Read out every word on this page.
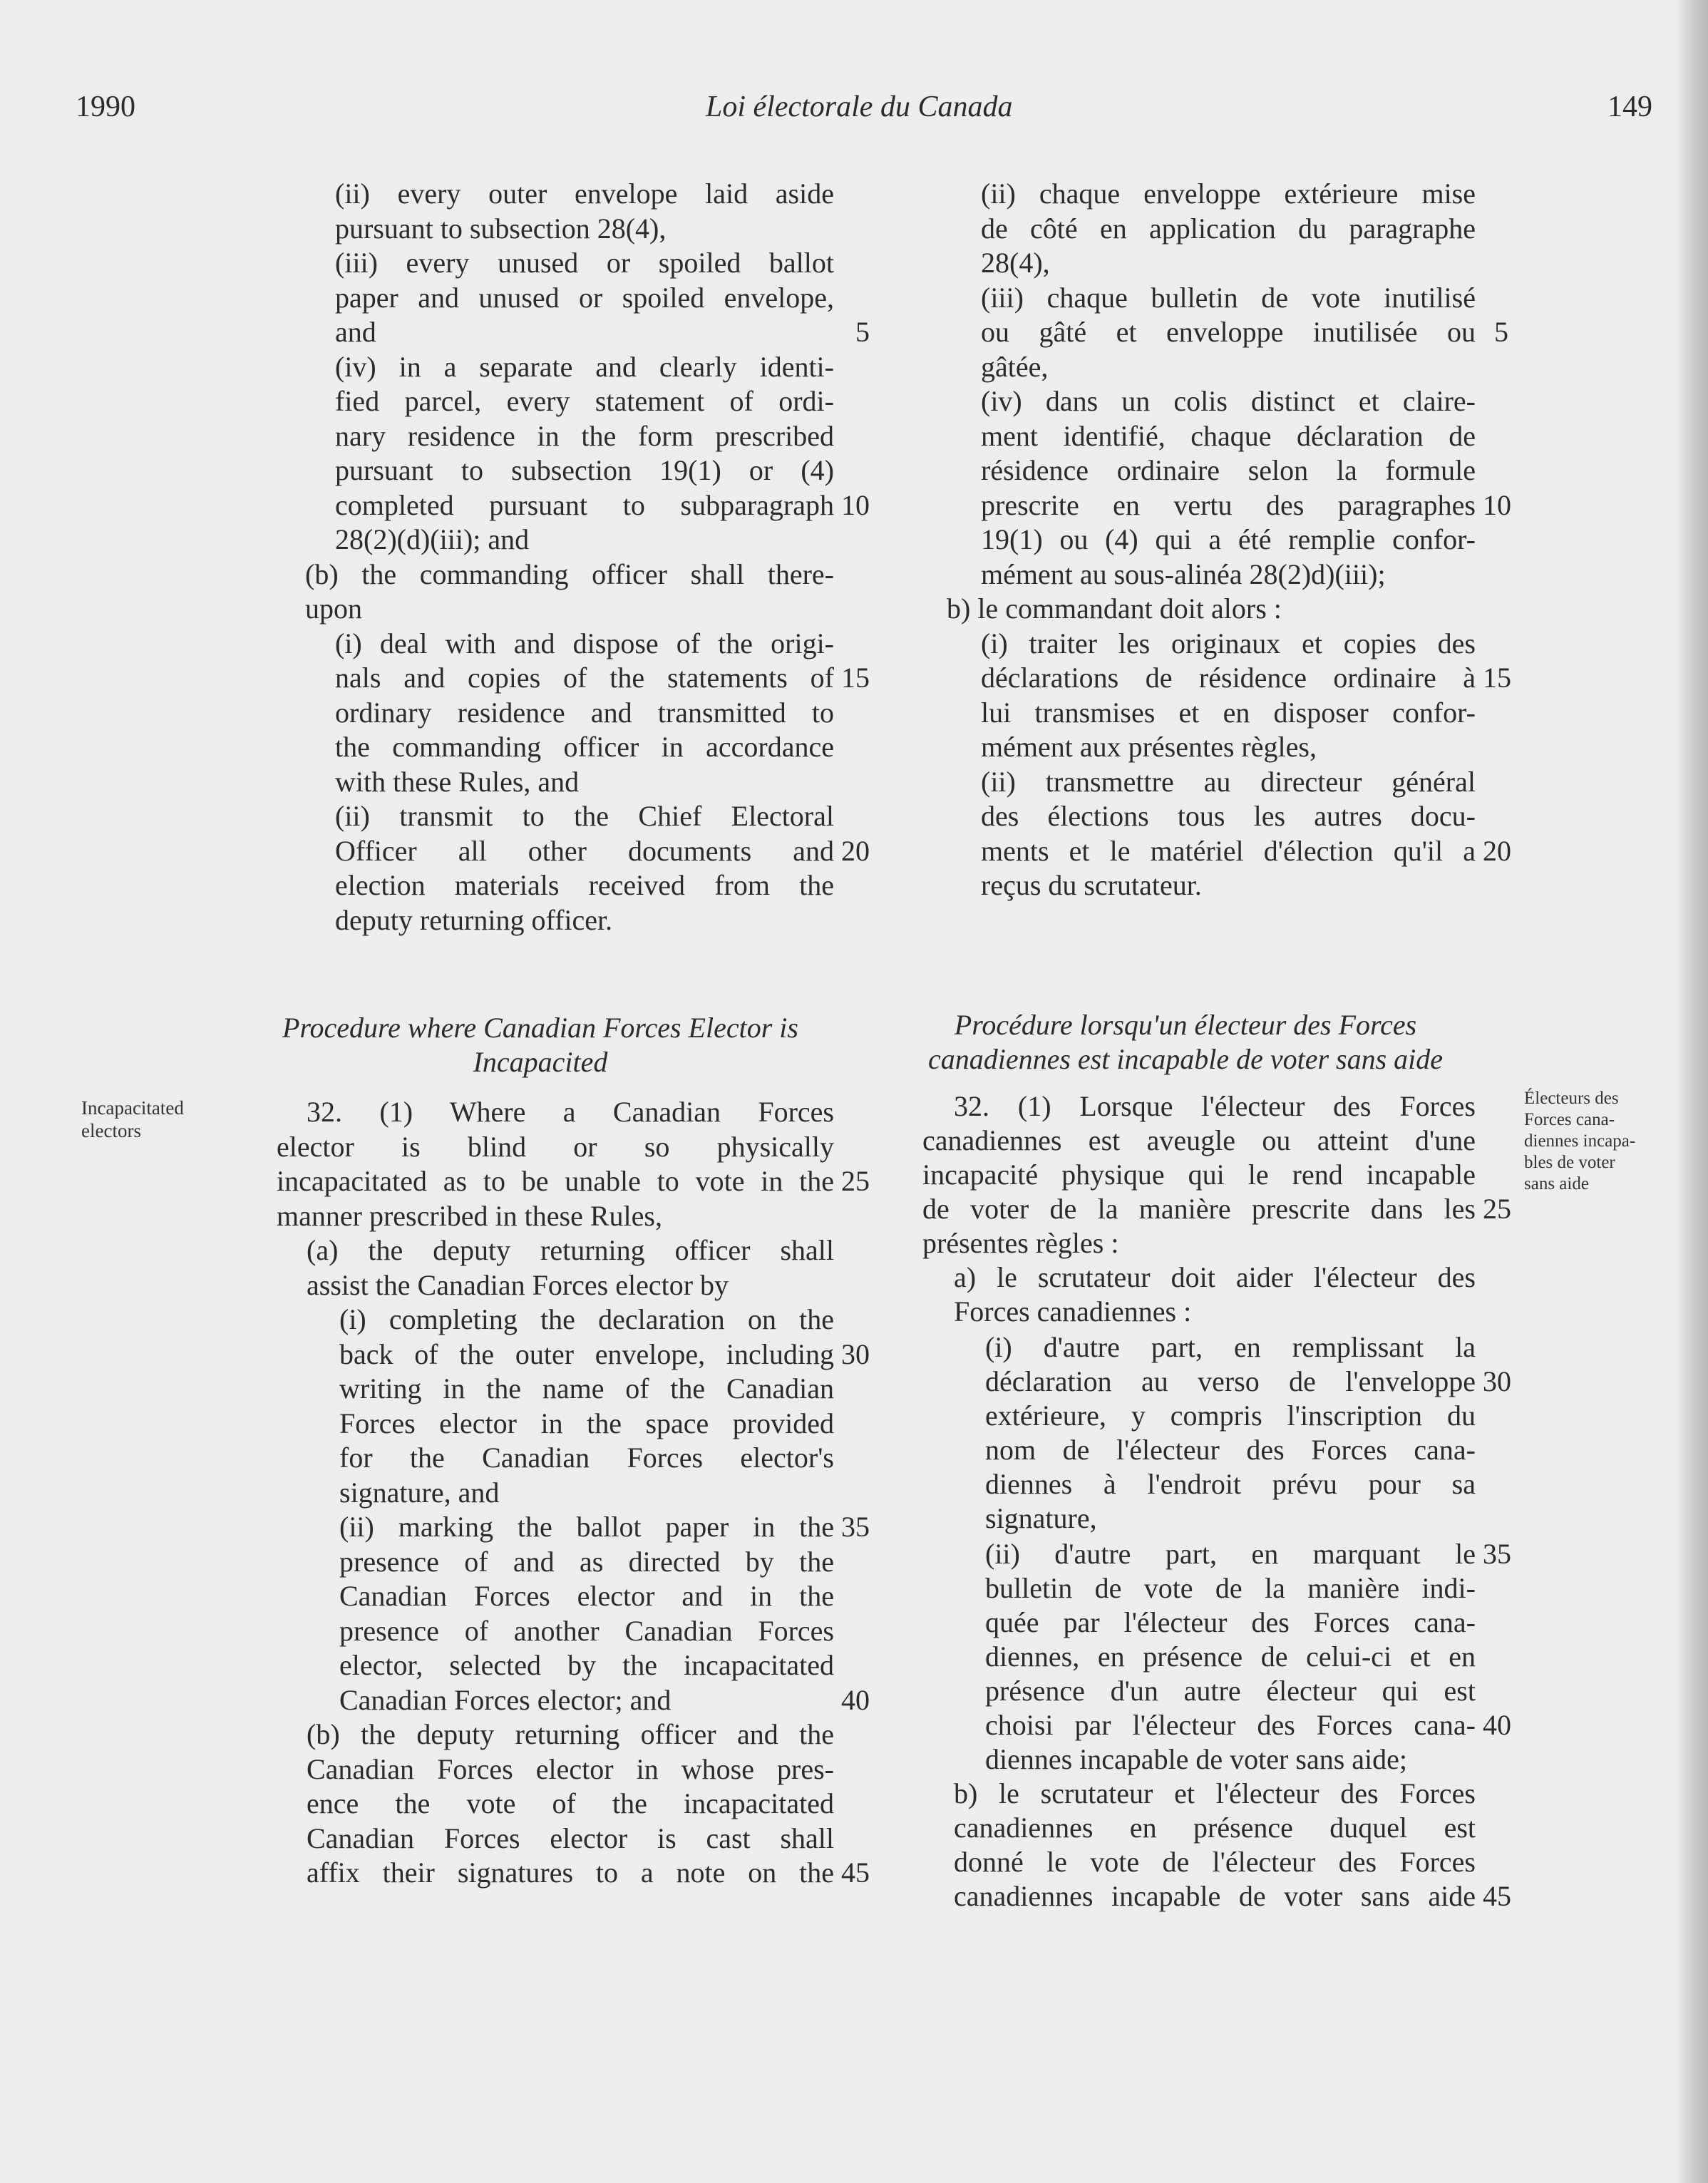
1990	Loi électorale du Canada	149
Incapacitated
electors
Électeurs des
Forces cana-
diennes incapa-
bles de voter
sans aide
(ii) every outer envelope laid aside
pursuant to subsection 28(4),
(iii) every unused or spoiled ballot
paper and unused or spoiled envelope,
and
(iv) in a separate and clearly identi-
fied parcel, every statement of ordi-
nary residence in the form prescribed
pursuant to subsection 19(1) or (4)
completed pursuant to subparagraph
28(2)(d)(iii); and
(b) the commanding officer shall there-
upon
(i) deal with and dispose of the origi-
nals and copies of the statements of
ordinary residence and transmitted to
the commanding officer in accordance
with these Rules, and
(ii) transmit to the Chief Electoral
Officer all other documents and
election materials received from the
deputy returning officer.
Procedure where Canadian Forces Elector is
Incapacited
32. (1) Where a Canadian Forces
elector is blind or so physically
incapacitated as to be unable to vote in the
manner prescribed in these Rules,
(a) the deputy returning officer shall
assist the Canadian Forces elector by
(i) completing the declaration on the
back of the outer envelope, including
writing in the name of the Canadian
Forces elector in the space provided
for the Canadian Forces elector's
signature, and
(ii) marking the ballot paper in the
presence of and as directed by the
Canadian Forces elector and in the
presence of another Canadian Forces
elector, selected by the incapacitated
Canadian Forces elector; and
(b) the deputy returning officer and the
Canadian Forces elector in whose pres-
ence the vote of the incapacitated
Canadian Forces elector is cast shall
affix their signatures to a note on the
5
10
15
20
25
30
35
40
45
(ii) chaque enveloppe extérieure mise
de côté en application du paragraphe
28(4),
(iii) chaque bulletin de vote inutilisé
ou gâté et enveloppe inutilisée ou
gâtée,
(iv) dans un colis distinct et claire-
ment identifié, chaque déclaration de
résidence ordinaire selon la formule
prescrite en vertu des paragraphes
19(1) ou (4) qui a été remplie confor-
mément au sous-alinéa 28(2)d)(iii);
b) le commandant doit alors :
(i) traiter les originaux et copies des
déclarations de résidence ordinaire à
lui transmises et en disposer confor-
mément aux présentes règles,
(ii) transmettre au directeur général
des élections tous les autres docu-
ments et le matériel d'élection qu'il a
reçus du scrutateur.
Procédure lorsqu'un électeur des Forces
canadiennes est incapable de voter sans aide
32. (1) Lorsque l'électeur des Forces
canadiennes est aveugle ou atteint d'une
incapacité physique qui le rend incapable
de voter de la manière prescrite dans les
présentes règles :
a) le scrutateur doit aider l'électeur des
Forces canadiennes :
(i) d'autre part, en remplissant la
déclaration au verso de l'enveloppe
extérieure, y compris l'inscription du
nom de l'électeur des Forces cana-
diennes à l'endroit prévu pour sa
signature,
(ii) d'autre part, en marquant le
bulletin de vote de la manière indi-
quée par l'électeur des Forces cana-
diennes, en présence de celui-ci et en
présence d'un autre électeur qui est
choisi par l'électeur des Forces cana-
diennes incapable de voter sans aide;
b) le scrutateur et l'électeur des Forces
canadiennes en présence duquel est
donné le vote de l'électeur des Forces
canadiennes incapable de voter sans aide
5
10
15
20
25
30
35
40
45
